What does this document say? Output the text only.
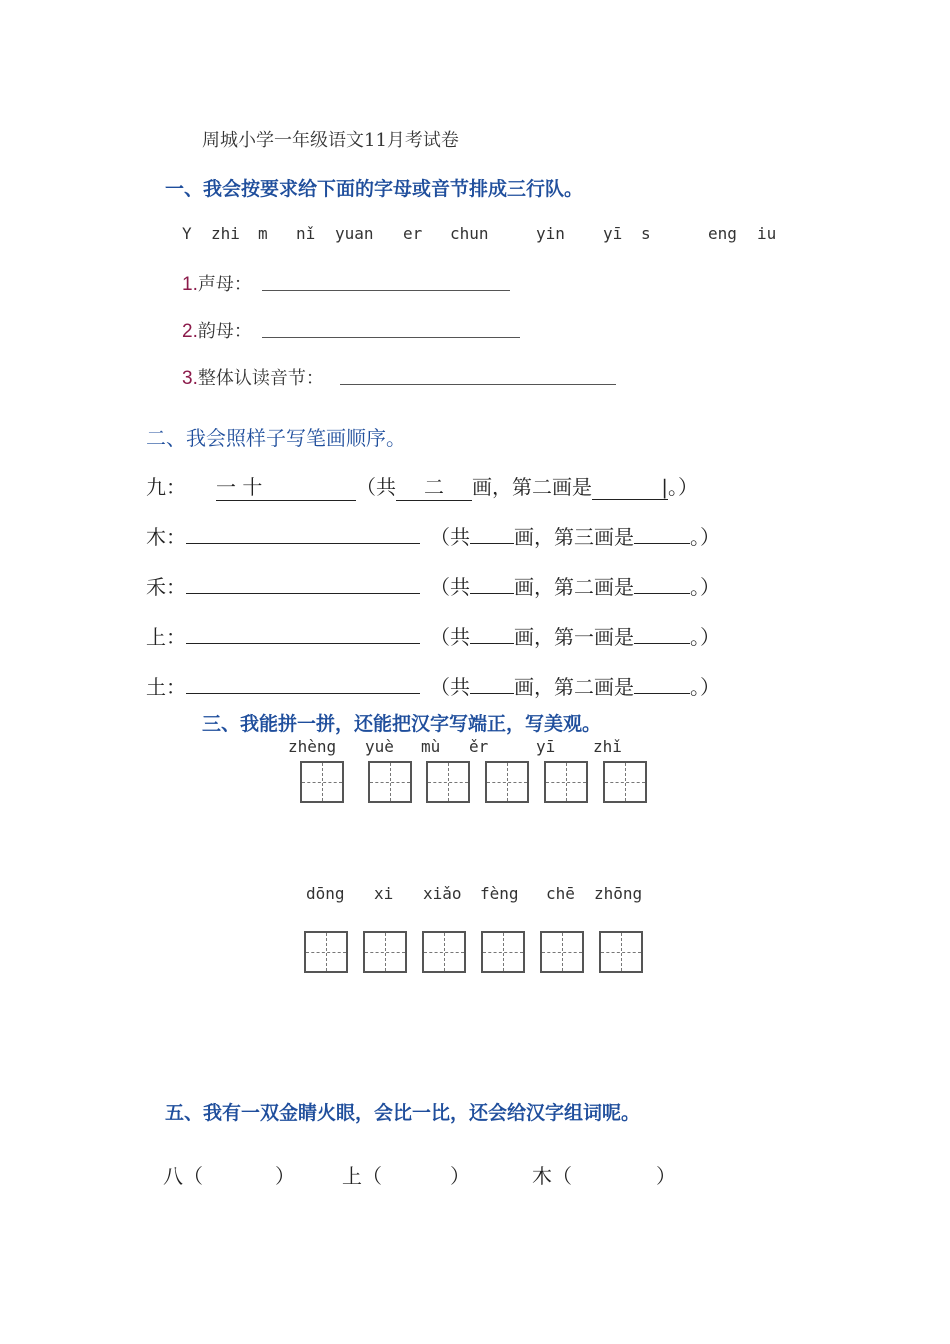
周城小学一年级语文11月考试卷
一、我会按要求给下面的字母或音节排成三行队。
Y zhi m nǐ yuan er chun	yin yī s	eng iu
1.声母：
2.韵母：
3.整体认读音节：
二、我会照样子写笔画顺序。
九： 一 十	（共 二 画，第二画是	|。）
木：	（共 画，第三画是	。）
禾：	（共 画，第二画是	。）
上：	（共 画，第一画是	。）
土：	（共 画，第二画是	。）
三、我能拼一拼，还能把汉字写端正，写美观。
zhèng yuè mù ěr	yī zhǐ
dōng xi xiǎo fèng chē zhōng
五、我有一双金睛火眼，会比一比，还会给汉字组词呢。
八（	） 上（	）	木（	）
